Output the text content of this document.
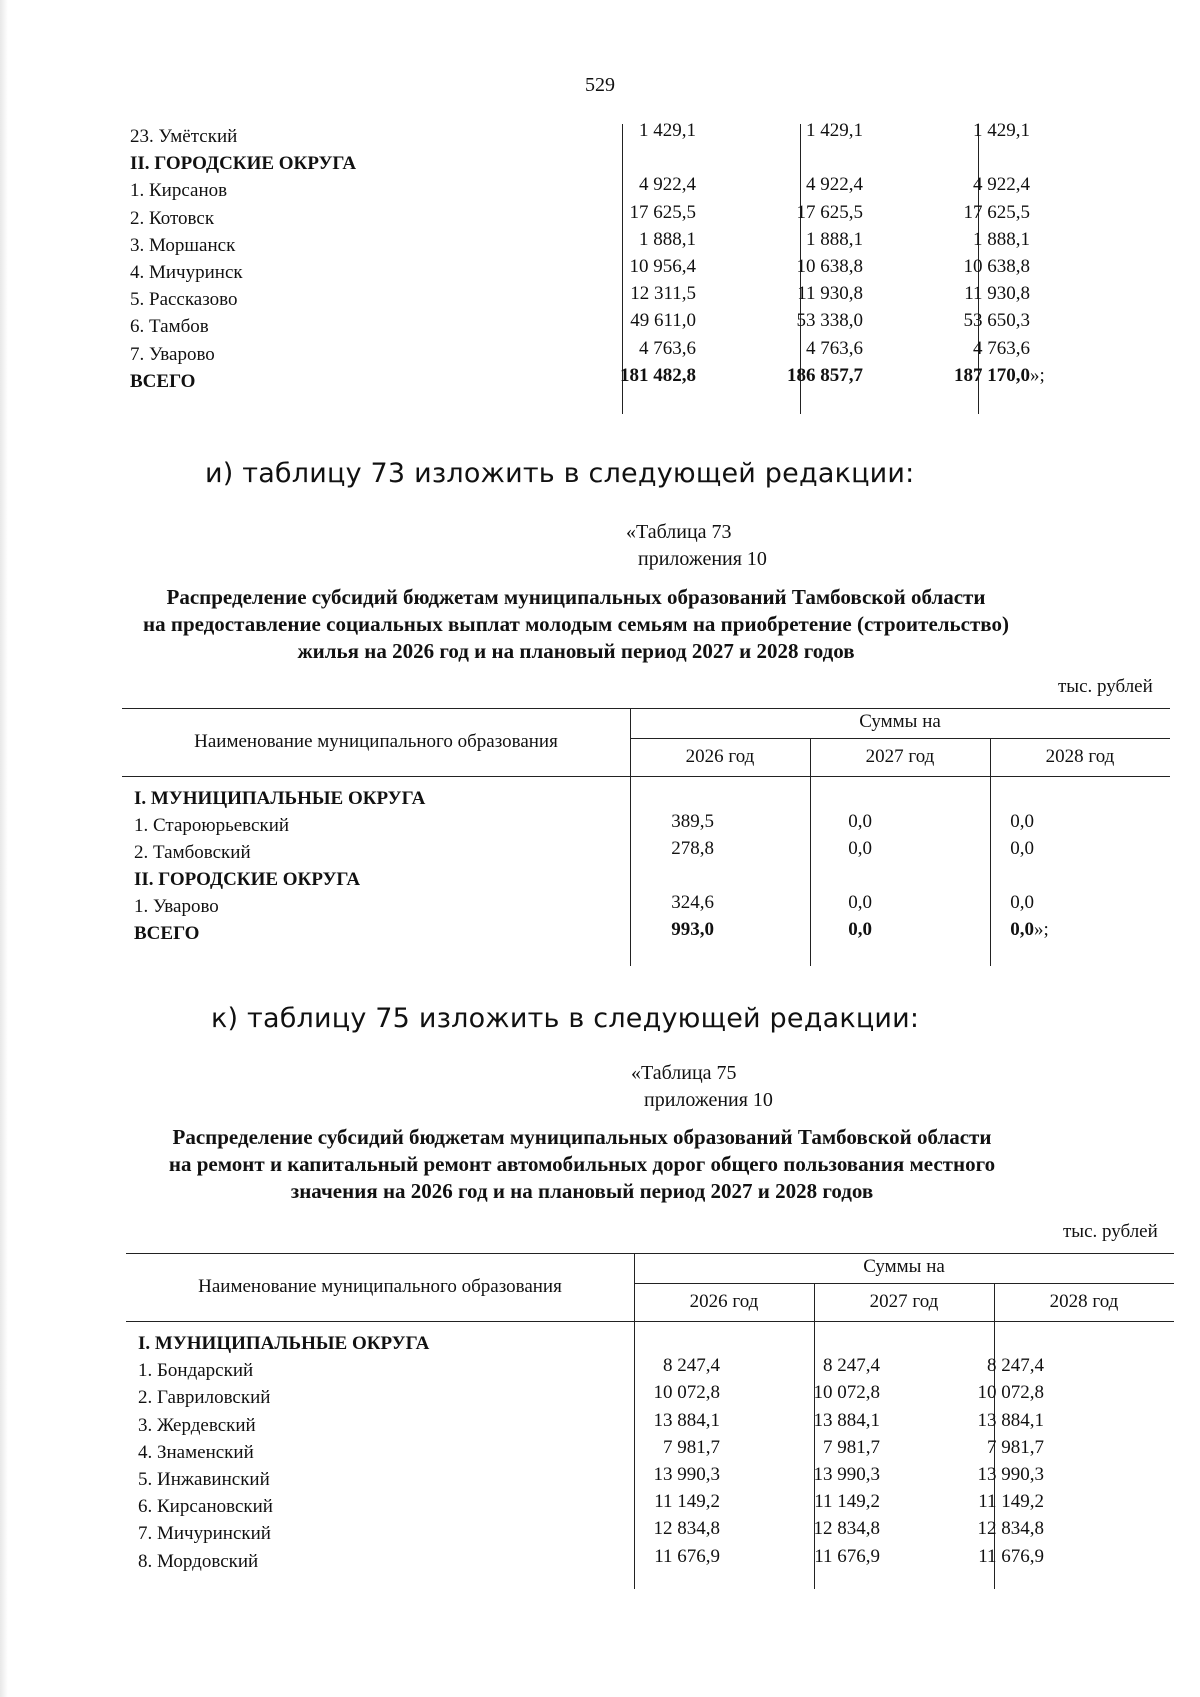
529
23. Умётский	1 429,1	1 429,1	1 429,1
II. ГОРОДСКИЕ ОКРУГА
1. Кирсанов	4 922,4	4 922,4	4 922,4
2. Котовск	17 625,5	17 625,5	17 625,5
3. Моршанск	1 888,1	1 888,1	1 888,1
4. Мичуринск	10 956,4	10 638,8	10 638,8
5. Рассказово	12 311,5	11 930,8	11 930,8
6. Тамбов	49 611,0	53 338,0	53 650,3
7. Уварово	4 763,6	4 763,6	4 763,6
ВСЕГО	181 482,8	186 857,7	187 170,0 »;
и) таблицу 73 изложить в следующей редакции:
«Таблица 73
приложения 10
Распределение субсидий бюджетам муниципальных образований Тамбовской области
на предоставление социальных выплат молодым семьям на приобретение (строительство)
жилья на 2026 год и на плановый период 2027 и 2028 годов
тыс. рублей
Наименование муниципального образования
Суммы на
2026 год	2027 год	2028 год
I. МУНИЦИПАЛЬНЫЕ ОКРУГА
1. Староюрьевский	389,5	0,0	0,0
2. Тамбовский	278,8	0,0	0,0
II. ГОРОДСКИЕ ОКРУГА
1. Уварово	324,6	0,0	0,0
ВСЕГО	993,0	0,0	0,0 »;
к) таблицу 75 изложить в следующей редакции:
«Таблица 75
приложения 10
Распределение субсидий бюджетам муниципальных образований Тамбовской области
на ремонт и капитальный ремонт автомобильных дорог общего пользования местного
значения на 2026 год и на плановый период 2027 и 2028 годов
тыс. рублей
Наименование муниципального образования
Суммы на
2026 год	2027 год	2028 год
I. МУНИЦИПАЛЬНЫЕ ОКРУГА
1. Бондарский	8 247,4	8 247,4	8 247,4
2. Гавриловский	10 072,8	10 072,8	10 072,8
3. Жердевский	13 884,1	13 884,1	13 884,1
4. Знаменский	7 981,7	7 981,7	7 981,7
5. Инжавинский	13 990,3	13 990,3	13 990,3
6. Кирсановский	11 149,2	11 149,2	11 149,2
7. Мичуринский	12 834,8	12 834,8	12 834,8
8. Мордовский	11 676,9	11 676,9	11 676,9
